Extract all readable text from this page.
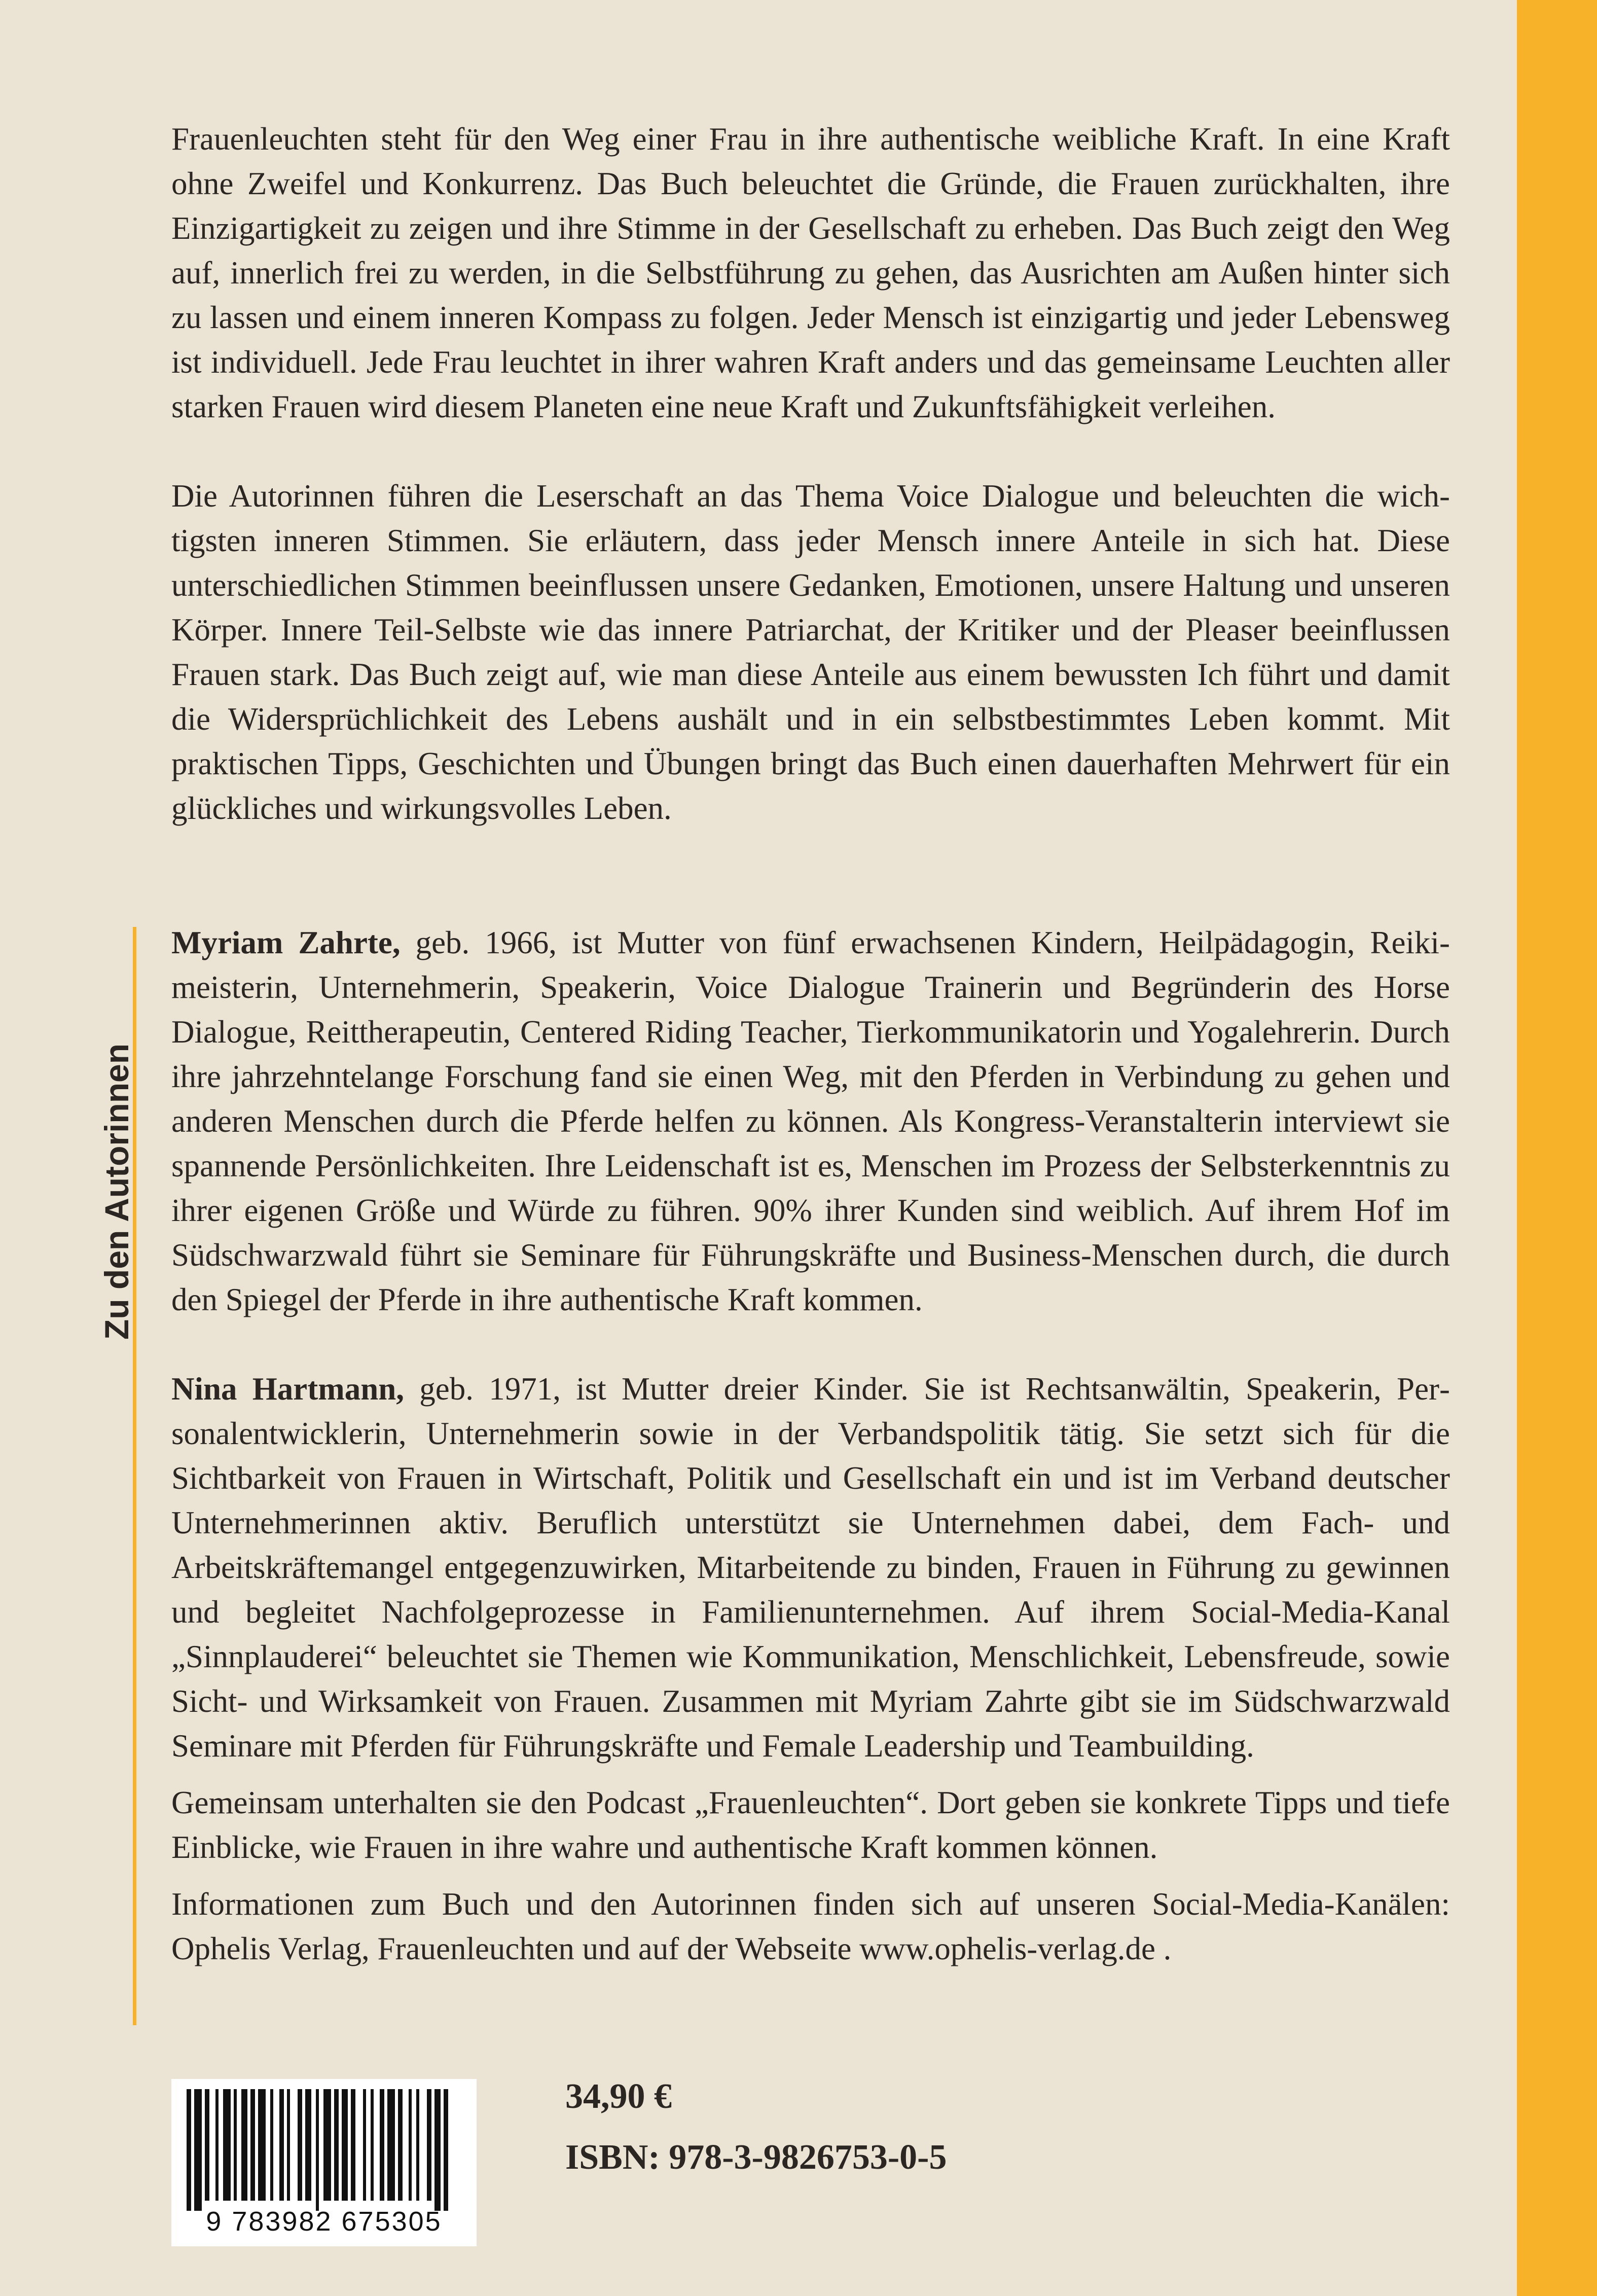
Frauenleuchten steht für den Weg einer Frau in ihre authentische weibliche Kraft. In eine Kraft ohne Zweifel und Konkurrenz. Das Buch beleuchtet die Gründe, die Frauen zurückhalten, ihre Einzigartigkeit zu zeigen und ihre Stimme in der Gesellschaft zu erheben. Das Buch zeigt den Weg auf, innerlich frei zu werden, in die Selbstführung zu gehen, das Ausrichten am Außen hinter sich zu lassen und einem inneren Kompass zu folgen. Jeder Mensch ist einzigartig und jeder Lebensweg ist individuell. Jede Frau leuchtet in ihrer wahren Kraft anders und das gemeinsame Leuchten aller starken Frauen wird diesem Planeten eine neue Kraft und Zukunftsfähigkeit verleihen.

Die Autorinnen führen die Leserschaft an das Thema Voice Dialogue und beleuchten die wichtigsten inneren Stimmen. Sie erläutern, dass jeder Mensch innere Anteile in sich hat. Diese unterschiedlichen Stimmen beeinflussen unsere Gedanken, Emotionen, unsere Haltung und unseren Körper. Innere Teil-Selbste wie das innere Patriarchat, der Kritiker und der Pleaser beeinflussen Frauen stark. Das Buch zeigt auf, wie man diese Anteile aus einem bewussten Ich führt und damit die Widersprüchlichkeit des Lebens aushält und in ein selbstbestimmtes Leben kommt. Mit praktischen Tipps, Geschichten und Übungen bringt das Buch einen dauerhaften Mehrwert für ein glückliches und wirkungsvolles Leben.

Zu den Autorinnen

Myriam Zahrte, geb. 1966, ist Mutter von fünf erwachsenen Kindern, Heilpädagogin, Reikimeisterin, Unternehmerin, Speakerin, Voice Dialogue Trainerin und Begründerin des Horse Dialogue, Reittherapeutin, Centered Riding Teacher, Tierkommunikatorin und Yogalehrerin. Durch ihre jahrzehntelange Forschung fand sie einen Weg, mit den Pferden in Verbindung zu gehen und anderen Menschen durch die Pferde helfen zu können. Als Kongress-Veranstalterin interviewt sie spannende Persönlichkeiten. Ihre Leidenschaft ist es, Menschen im Prozess der Selbsterkenntnis zu ihrer eigenen Größe und Würde zu führen. 90% ihrer Kunden sind weiblich. Auf ihrem Hof im Südschwarzwald führt sie Seminare für Führungskräfte und Business-Menschen durch, die durch den Spiegel der Pferde in ihre authentische Kraft kommen.

Nina Hartmann, geb. 1971, ist Mutter dreier Kinder. Sie ist Rechtsanwältin, Speakerin, Personalentwicklerin, Unternehmerin sowie in der Verbandspolitik tätig. Sie setzt sich für die Sichtbarkeit von Frauen in Wirtschaft, Politik und Gesellschaft ein und ist im Verband deutscher Unternehmerinnen aktiv. Beruflich unterstützt sie Unternehmen dabei, dem Fach- und Arbeitskräftemangel entgegenzuwirken, Mitarbeitende zu binden, Frauen in Führung zu gewinnen und begleitet Nachfolgeprozesse in Familienunternehmen. Auf ihrem Social-Media-Kanal „Sinnplauderei“ beleuchtet sie Themen wie Kommunikation, Menschlichkeit, Lebensfreude, sowie Sicht- und Wirksamkeit von Frauen. Zusammen mit Myriam Zahrte gibt sie im Südschwarzwald Seminare mit Pferden für Führungskräfte und Female Leadership und Teambuilding.

Gemeinsam unterhalten sie den Podcast „Frauenleuchten“. Dort geben sie konkrete Tipps und tiefe Einblicke, wie Frauen in ihre wahre und authentische Kraft kommen können.

Informationen zum Buch und den Autorinnen finden sich auf unseren Social-Media-Kanälen: Ophelis Verlag, Frauenleuchten und auf der Webseite www.ophelis-verlag.de .

9 783982 675305
34,90 €
ISBN: 978-3-9826753-0-5
